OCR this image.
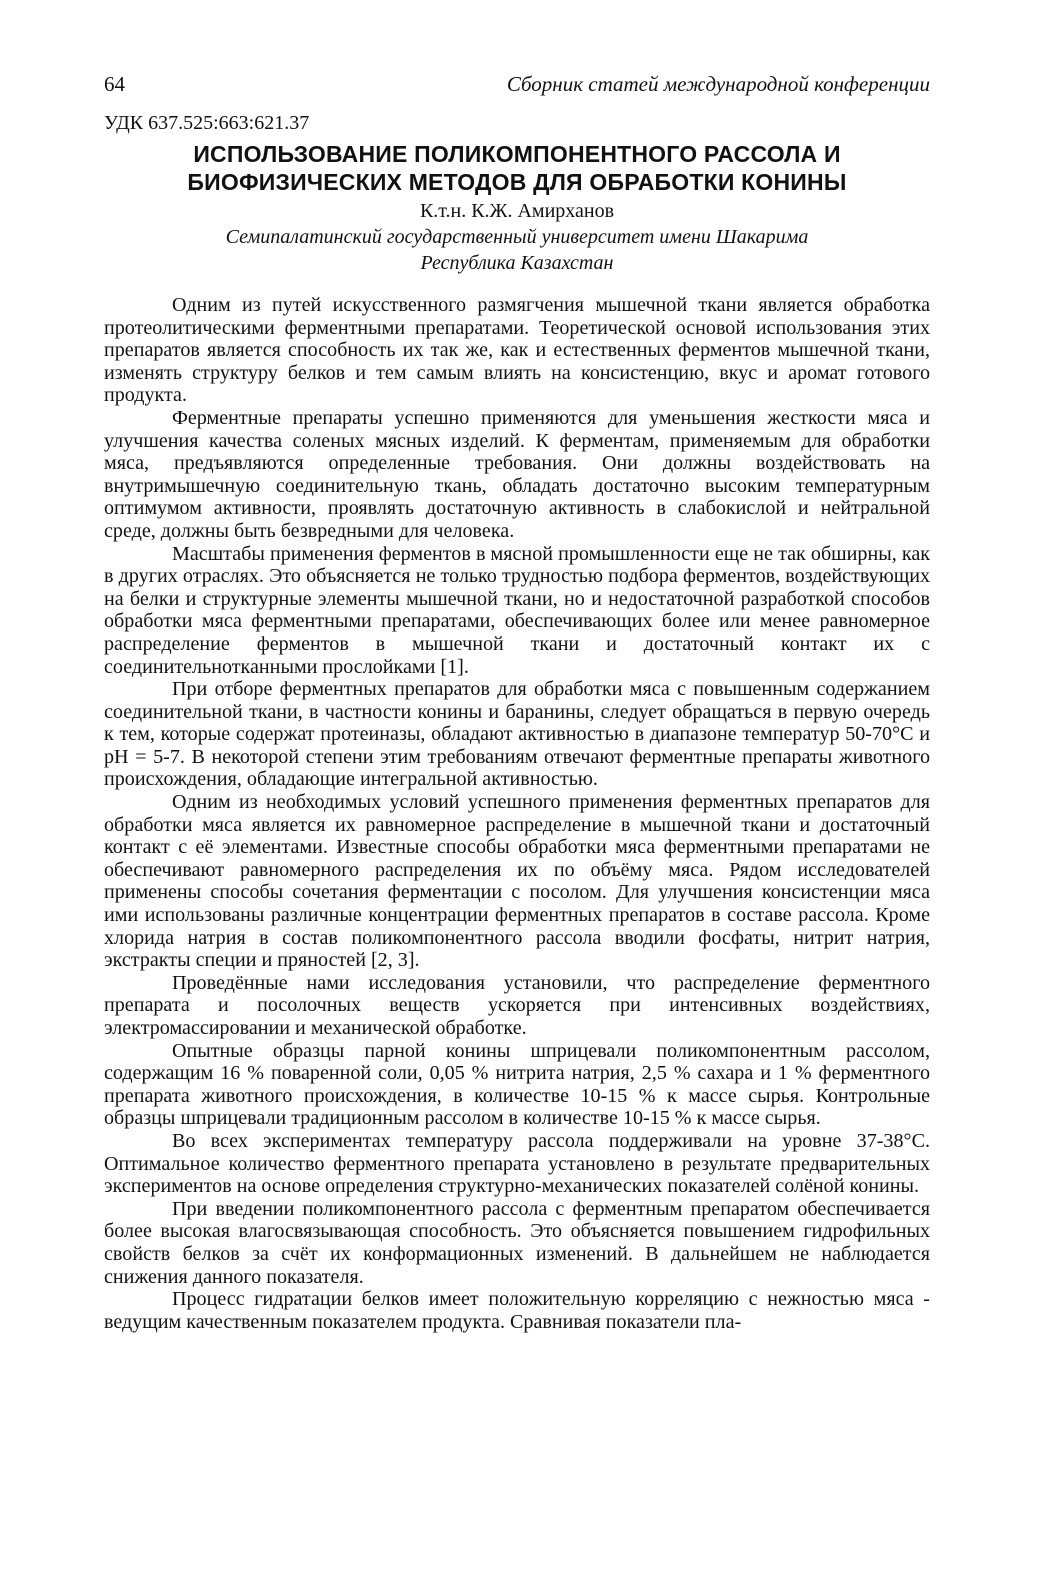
64	Сборник статей международной конференции
УДК 637.525:663:621.37
ИСПОЛЬЗОВАНИЕ ПОЛИКОМПОНЕНТНОГО РАССОЛА И
БИОФИЗИЧЕСКИХ МЕТОДОВ ДЛЯ ОБРАБОТКИ КОНИНЫ
К.т.н. К.Ж. Амирханов
Семипалатинский государственный университет имени Шакарима
Республика Казахстан

Одним из путей искусственного размягчения мышечной ткани является обработка протеолитическими ферментными препаратами. Теоретической основой использования этих препаратов является способность их так же, как и естественных ферментов мышечной ткани, изменять структуру белков и тем самым влиять на консистенцию, вкус и аромат готового продукта.

Ферментные препараты успешно применяются для уменьшения жесткости мяса и улучшения качества соленых мясных изделий. К ферментам, применяемым для обработки мяса, предъявляются определенные требования. Они должны воздействовать на внутримышечную соединительную ткань, обладать достаточно высоким температурным оптимумом активности, проявлять достаточную активность в слабокислой и нейтральной среде, должны быть безвредными для человека.

Масштабы применения ферментов в мясной промышленности еще не так обширны, как в других отраслях. Это объясняется не только трудностью подбора ферментов, воздействующих на белки и структурные элементы мышечной ткани, но и недостаточной разработкой способов обработки мяса ферментными препаратами, обеспечивающих более или менее равномерное распределение ферментов в мышечной ткани и достаточный контакт их с соединительнотканными прослойками [1].

При отборе ферментных препаратов для обработки мяса с повышенным содержанием соединительной ткани, в частности конины и баранины, следует обращаться в первую очередь к тем, которые содержат протеиназы, обладают активностью в диапазоне температур 50-70°С и рН = 5-7. В некоторой степени этим требованиям отвечают ферментные препараты животного происхождения, обладающие интегральной активностью.

Одним из необходимых условий успешного применения ферментных препаратов для обработки мяса является их равномерное распределение в мышечной ткани и достаточный контакт с её элементами. Известные способы обработки мяса ферментными препаратами не обеспечивают равномерного распределения их по объёму мяса. Рядом исследователей применены способы сочетания ферментации с посолом. Для улучшения консистенции мяса ими использованы различные концентрации ферментных препаратов в составе рассола. Кроме хлорида натрия в состав поликомпонентного рассола вводили фосфаты, нитрит натрия, экстракты специи и пряностей [2, 3].

Проведённые нами исследования установили, что распределение ферментного препарата и посолочных веществ ускоряется при интенсивных воздействиях, электромассировании и механической обработке.

Опытные образцы парной конины шприцевали поликомпонентным рассолом, содержащим 16 % поваренной соли, 0,05 % нитрита натрия, 2,5 % сахара и 1 % ферментного препарата животного происхождения, в количестве 10-15 % к массе сырья. Контрольные образцы шприцевали традиционным рассолом в количестве 10-15 % к массе сырья.

Во всех экспериментах температуру рассола поддерживали на уровне 37-38°С. Оптимальное количество ферментного препарата установлено в результате предварительных экспериментов на основе определения структурно-механических показателей солёной конины.

При введении поликомпонентного рассола с ферментным препаратом обеспечивается более высокая влагосвязывающая способность. Это объясняется повышением гидрофильных свойств белков за счёт их конформационных изменений. В дальнейшем не наблюдается снижения данного показателя.

Процесс гидратации белков имеет положительную корреляцию с нежностью мяса - ведущим качественным показателем продукта. Сравнивая показатели пла-
